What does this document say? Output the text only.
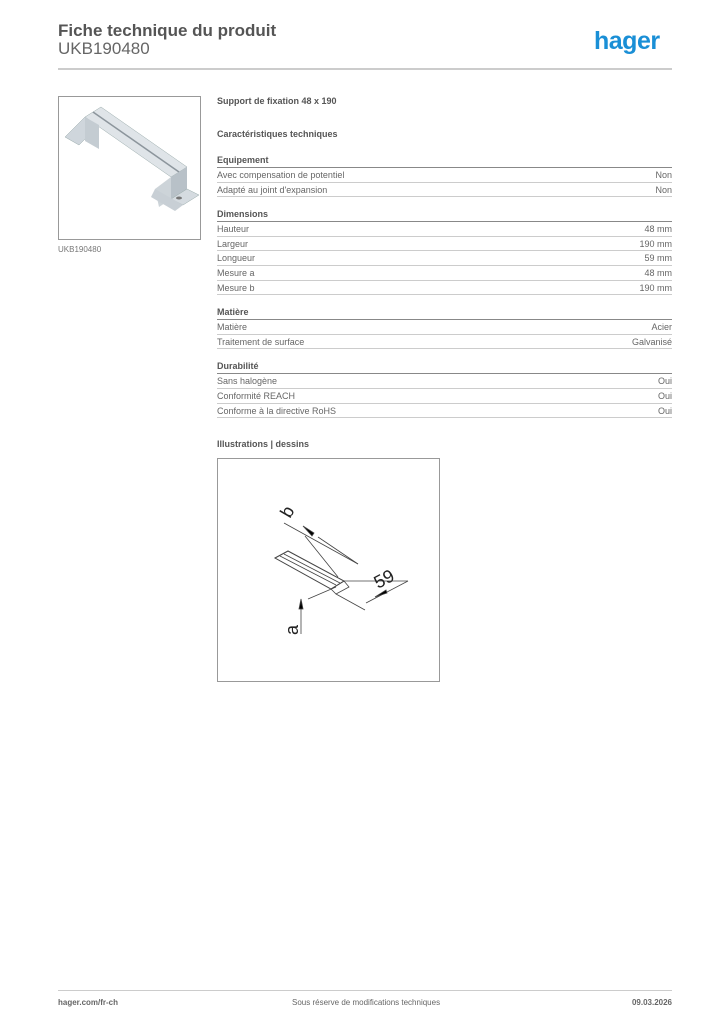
Fiche technique du produit
UKB190480	hager
UKB190480
Support de fixation 48 x 190
Caractéristiques techniques
Equipement
Avec compensation de potentiel	Non
Adapté au joint d'expansion	Non
Dimensions
Hauteur	48 mm
Largeur	190 mm
Longueur	59 mm
Mesure a	48 mm
Mesure b	190 mm
Matière
Matière	Acier
Traitement de surface	Galvanisé
Durabilité
Sans halogène	Oui
Conformité REACH	Oui
Conforme à la directive RoHS	Oui
Illustrations | dessins
b
59
a
hager.com/fr-ch	Sous réserve de modifications techniques	09.03.2026
